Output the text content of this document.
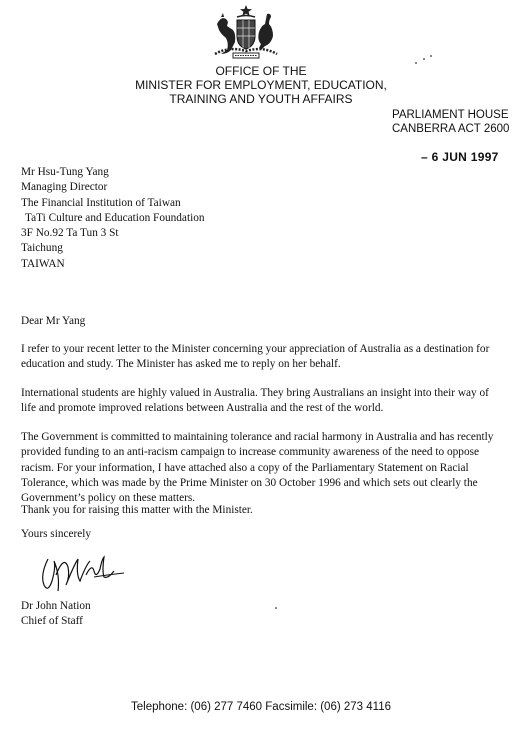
OFFICE OF THE
MINISTER FOR EMPLOYMENT, EDUCATION,
TRAINING AND YOUTH AFFAIRS
PARLIAMENT HOUSE
CANBERRA ACT 2600
– 6 JUN 1997
Mr Hsu-Tung Yang
Managing Director
The Financial Institution of Taiwan
TaTi Culture and Education Foundation
3F No.92 Ta Tun 3 St
Taichung
TAIWAN

Dear Mr Yang

I refer to your recent letter to the Minister concerning your appreciation of Australia as a destination for education and study. The Minister has asked me to reply on her behalf.

International students are highly valued in Australia. They bring Australians an insight into their way of life and promote improved relations between Australia and the rest of the world.

The Government is committed to maintaining tolerance and racial harmony in Australia and has recently provided funding to an anti-racism campaign to increase community awareness of the need to oppose racism. For your information, I have attached also a copy of the Parliamentary Statement on Racial Tolerance, which was made by the Prime Minister on 30 October 1996 and which sets out clearly the Government’s policy on these matters.

Thank you for raising this matter with the Minister.

Yours sincerely

Dr John Nation
Chief of Staff
Telephone: (06) 277 7460 Facsimile: (06) 273 4116
